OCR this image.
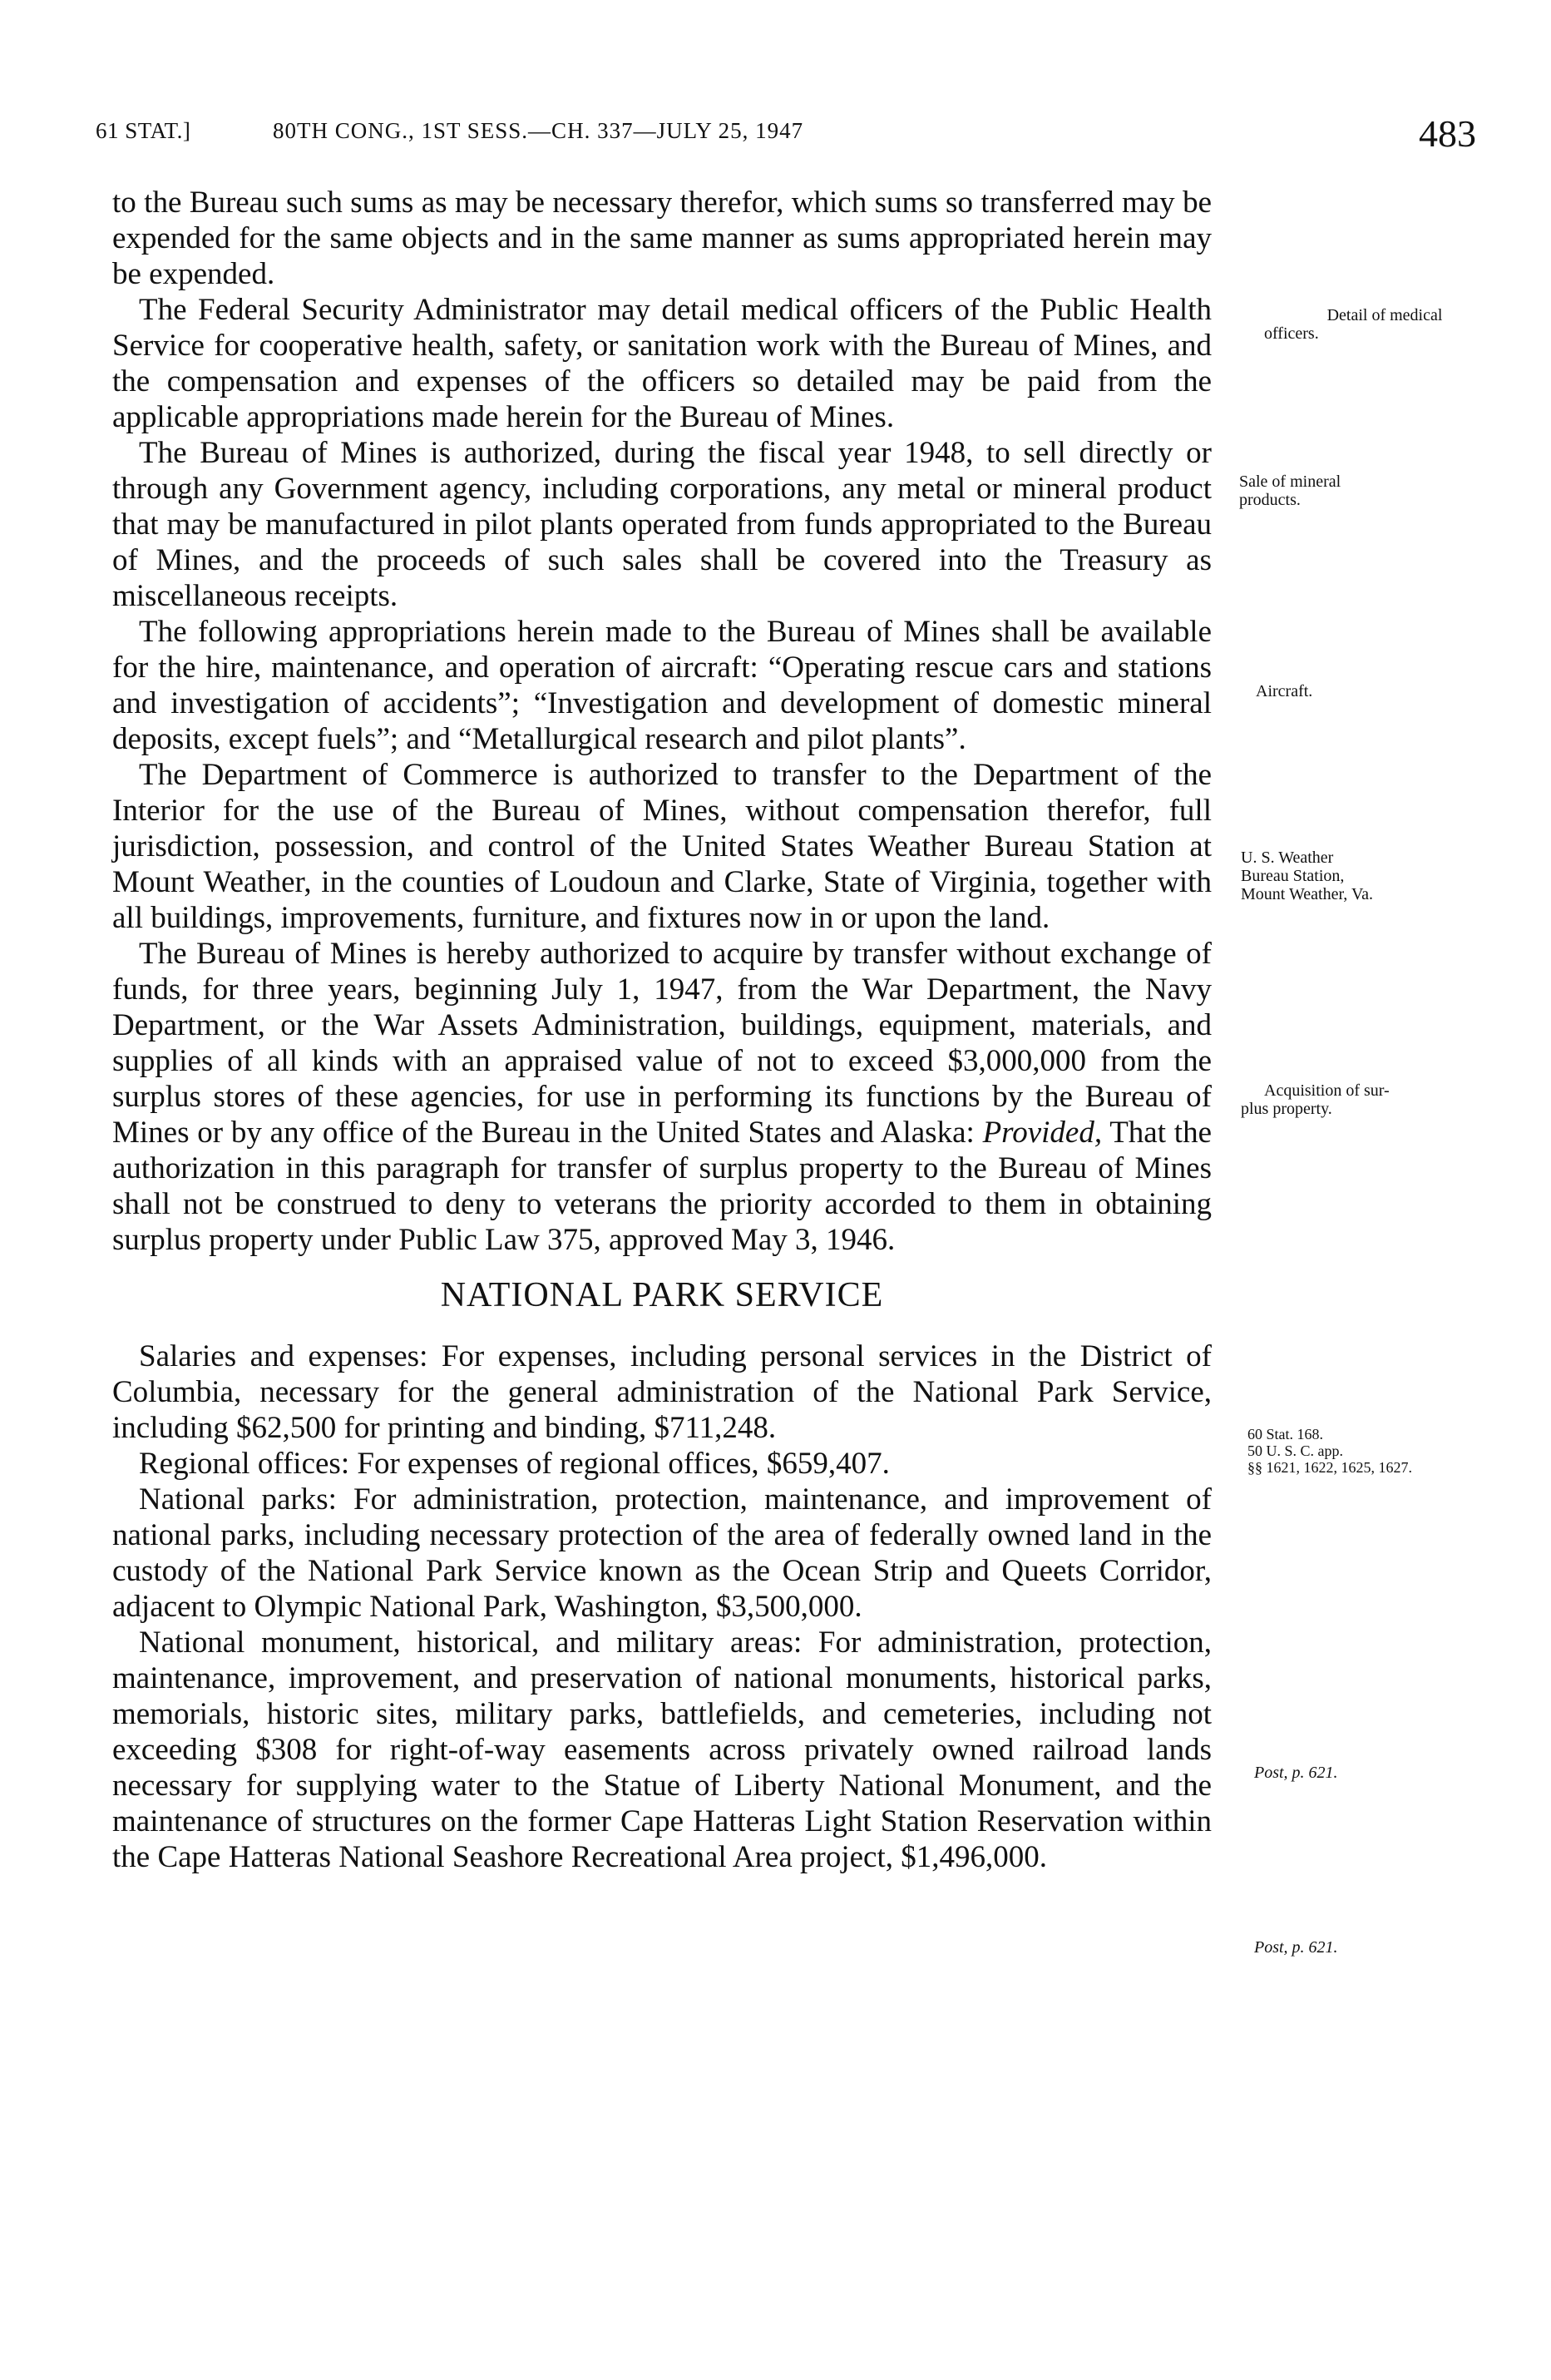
61 STAT.]	80TH CONG., 1ST SESS.—CH. 337—JULY 25, 1947	483

to the Bureau such sums as may be necessary therefor, which sums so transferred may be expended for the same objects and in the same manner as sums appropriated herein may be expended.

The Federal Security Administrator may detail medical officers of the Public Health Service for cooperative health, safety, or sanitation work with the Bureau of Mines, and the compensation and expenses of the officers so detailed may be paid from the applicable appropriations made herein for the Bureau of Mines.

The Bureau of Mines is authorized, during the fiscal year 1948, to sell directly or through any Government agency, including corporations, any metal or mineral product that may be manufactured in pilot plants operated from funds appropriated to the Bureau of Mines, and the proceeds of such sales shall be covered into the Treasury as miscellaneous receipts.

The following appropriations herein made to the Bureau of Mines shall be available for the hire, maintenance, and operation of aircraft: “Operating rescue cars and stations and investigation of accidents”; “Investigation and development of domestic mineral deposits, except fuels”; and “Metallurgical research and pilot plants”.

The Department of Commerce is authorized to transfer to the Department of the Interior for the use of the Bureau of Mines, without compensation therefor, full jurisdiction, possession, and control of the United States Weather Bureau Station at Mount Weather, in the counties of Loudoun and Clarke, State of Virginia, together with all buildings, improvements, furniture, and fixtures now in or upon the land.

The Bureau of Mines is hereby authorized to acquire by transfer without exchange of funds, for three years, beginning July 1, 1947, from the War Department, the Navy Department, or the War Assets Administration, buildings, equipment, materials, and supplies of all kinds with an appraised value of not to exceed $3,000,000 from the surplus stores of these agencies, for use in performing its functions by the Bureau of Mines or by any office of the Bureau in the United States and Alaska: Provided, That the authorization in this paragraph for transfer of surplus property to the Bureau of Mines shall not be construed to deny to veterans the priority accorded to them in obtaining surplus property under Public Law 375, approved May 3, 1946.

NATIONAL PARK SERVICE

Salaries and expenses: For expenses, including personal services in the District of Columbia, necessary for the general administration of the National Park Service, including $62,500 for printing and binding, $711,248.

Regional offices: For expenses of regional offices, $659,407.

National parks: For administration, protection, maintenance, and improvement of national parks, including necessary protection of the area of federally owned land in the custody of the National Park Service known as the Ocean Strip and Queets Corridor, adjacent to Olympic National Park, Washington, $3,500,000.

National monument, historical, and military areas: For administration, protection, maintenance, improvement, and preservation of national monuments, historical parks, memorials, historic sites, military parks, battlefields, and cemeteries, including not exceeding $308 for right-of-way easements across privately owned railroad lands necessary for supplying water to the Statue of Liberty National Monument, and the maintenance of structures on the former Cape Hatteras Light Station Reservation within the Cape Hatteras National Seashore Recreational Area project, $1,496,000.

Detail of medical
officers.
Sale of mineral
products.
Aircraft.
U. S. Weather
Bureau Station,
Mount Weather, Va.
Acquisition of sur-
plus property.
60 Stat. 168.
50 U. S. C. app.
§§ 1621, 1622, 1625, 1627.
Post, p. 621.
Post, p. 621.
